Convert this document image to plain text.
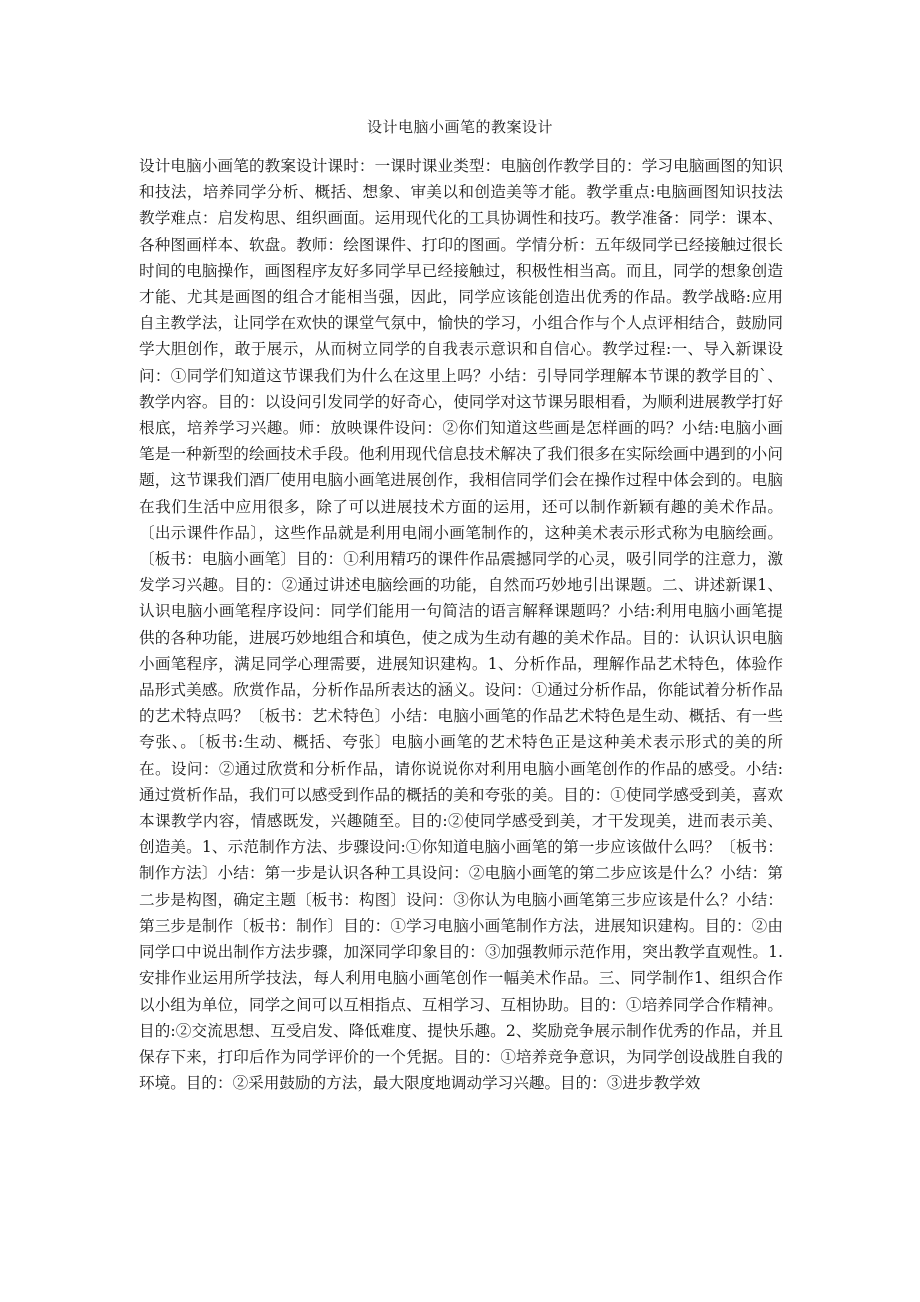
设计电脑小画笔的教案设计

设计电脑小画笔的教案设计课时：一课时课业类型：电脑创作教学目的：学习电脑画图的知识和技法，培养同学分析、概括、想象、审美以和创造美等才能。教学重点:电脑画图知识技法教学难点：启发构思、组织画面。运用现代化的工具协调性和技巧。教学准备：同学：课本、各种图画样本、软盘。教师：绘图课件、打印的图画。学情分析：五年级同学已经接触过很长时间的电脑操作，画图程序友好多同学早已经接触过，积极性相当高。而且，同学的想象创造才能、尤其是画图的组合才能相当强，因此，同学应该能创造出优秀的作品。教学战略:应用自主教学法，让同学在欢快的课堂气氛中，愉快的学习，小组合作与个人点评相结合，鼓励同学大胆创作，敢于展示，从而树立同学的自我表示意识和自信心。教学过程:一、导入新课设问：①同学们知道这节课我们为什么在这里上吗？小结：引导同学理解本节课的教学目的`、教学内容。目的：以设问引发同学的好奇心，使同学对这节课另眼相看，为顺利进展教学打好根底，培养学习兴趣。师：放映课件设问：②你们知道这些画是怎样画的吗？小结:电脑小画笔是一种新型的绘画技术手段。他利用现代信息技术解决了我们很多在实际绘画中遇到的小问题，这节课我们酒厂使用电脑小画笔进展创作，我相信同学们会在操作过程中体会到的。电脑在我们生活中应用很多，除了可以进展技术方面的运用，还可以制作新颖有趣的美术作品。〔出示课件作品〕，这些作品就是利用电闹小画笔制作的，这种美术表示形式称为电脑绘画。〔板书：电脑小画笔〕目的：①利用精巧的课件作品震撼同学的心灵，吸引同学的注意力，激发学习兴趣。目的：②通过讲述电脑绘画的功能，自然而巧妙地引出课题。二、讲述新课1、认识电脑小画笔程序设问：同学们能用一句简洁的语言解释课题吗？小结:利用电脑小画笔提供的各种功能，进展巧妙地组合和填色，使之成为生动有趣的美术作品。目的：认识认识电脑小画笔程序，满足同学心理需要，进展知识建构。1、分析作品，理解作品艺术特色，体验作品形式美感。欣赏作品，分析作品所表达的涵义。设问：①通过分析作品，你能试着分析作品的艺术特点吗？〔板书：艺术特色〕小结：电脑小画笔的作品艺术特色是生动、概括、有一些夸张、。〔板书:生动、概括、夸张〕电脑小画笔的艺术特色正是这种美术表示形式的美的所在。设问：②通过欣赏和分析作品，请你说说你对利用电脑小画笔创作的作品的感受。小结:通过赏析作品，我们可以感受到作品的概括的美和夸张的美。目的：①使同学感受到美，喜欢本课教学内容，情感既发，兴趣随至。目的:②使同学感受到美，才干发现美，进而表示美、创造美。1、示范制作方法、步骤设问:①你知道电脑小画笔的第一步应该做什么吗？〔板书：制作方法〕小结：第一步是认识各种工具设问：②电脑小画笔的第二步应该是什么？小结：第二步是构图，确定主题〔板书：构图〕设问：③你认为电脑小画笔第三步应该是什么？小结：第三步是制作〔板书：制作〕目的：①学习电脑小画笔制作方法，进展知识建构。目的：②由同学口中说出制作方法步骤，加深同学印象目的：③加强教师示范作用，突出教学直观性。1.安排作业运用所学技法，每人利用电脑小画笔创作一幅美术作品。三、同学制作1、组织合作以小组为单位，同学之间可以互相指点、互相学习、互相协助。目的：①培养同学合作精神。目的:②交流思想、互受启发、降低难度、提快乐趣。2、奖励竞争展示制作优秀的作品，并且保存下来，打印后作为同学评价的一个凭据。目的：①培养竞争意识，为同学创设战胜自我的环境。目的：②采用鼓励的方法，最大限度地调动学习兴趣。目的：③进步教学效
